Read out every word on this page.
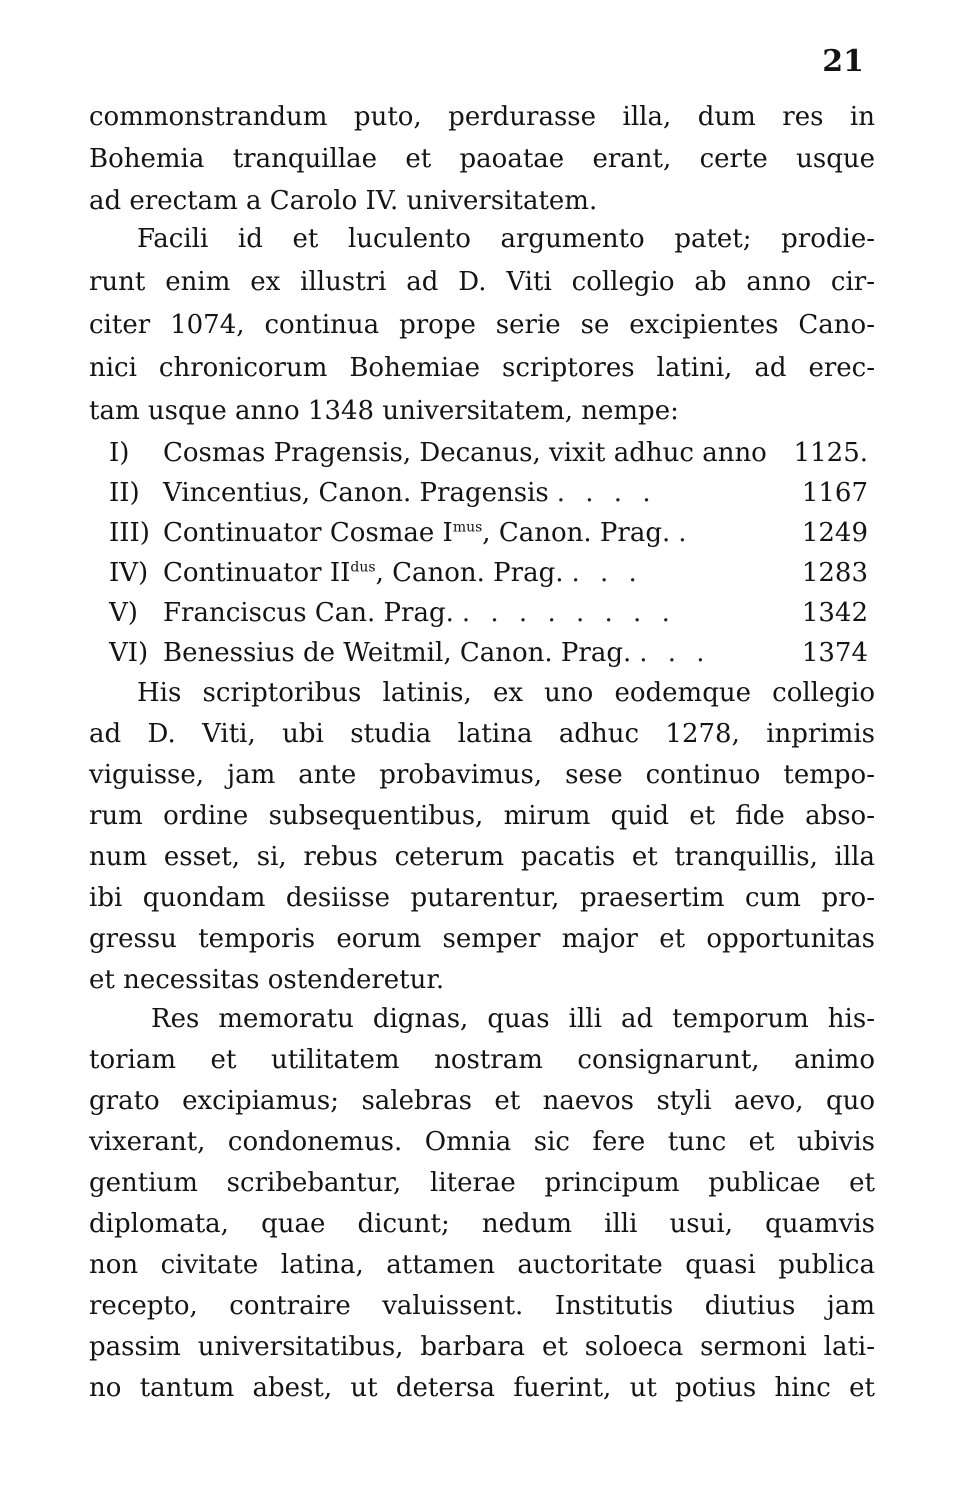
21
commonstrandum puto, perdurasse illa, dum res in
Bohemia tranquillae et paoatae erant, certe usque
ad erectam a Carolo IV. universitatem.
Facili id et luculento argumento patet; prodie-
runt enim ex illustri ad D. Viti collegio ab anno cir-
citer 1074, continua prope serie se excipientes Cano-
nici chronicorum Bohemiae scriptores latini, ad erec-
tam usque anno 1348 universitatem, nempe:
I)	Cosmas Pragensis, Decanus, vixit adhuc anno 1125.
II) Vincentius, Canon. Pragensis . . . .	1167
III) Continuator Cosmae $I^{mus}$, Canon. Prag. .	1249
IV) Continuator $II^{dus}$, Canon. Prag. . . .	1283
V) Franciscus Can. Prag. . . . . . . . .	1342
VI) Benessius de Weitmil, Canon. Prag. . . .	1374
His scriptoribus latinis, ex uno eodemque collegio
ad D. Viti, ubi studia latina adhuc 1278, inprimis
viguisse, jam ante probavimus, sese continuo tempo-
rum ordine subsequentibus, mirum quid et fide abso-
num esset, si, rebus ceterum pacatis et tranquillis, illa
ibi quondam desiisse putarentur, praesertim cum pro-
gressu temporis eorum semper major et opportunitas
et necessitas ostenderetur.
Res memoratu dignas, quas illi ad temporum his-
toriam et utilitatem nostram consignarunt, animo
grato excipiamus; salebras et naevos styli aevo, quo
vixerant, condonemus. Omnia sic fere tunc et ubivis
gentium scribebantur, literae principum publicae et
diplomata, quae dicunt; nedum illi usui, quamvis
non civitate latina, attamen auctoritate quasi publica
recepto, contraire valuissent. Institutis diutius jam
passim universitatibus, barbara et soloeca sermoni lati-
no tantum abest, ut detersa fuerint, ut potius hinc et
